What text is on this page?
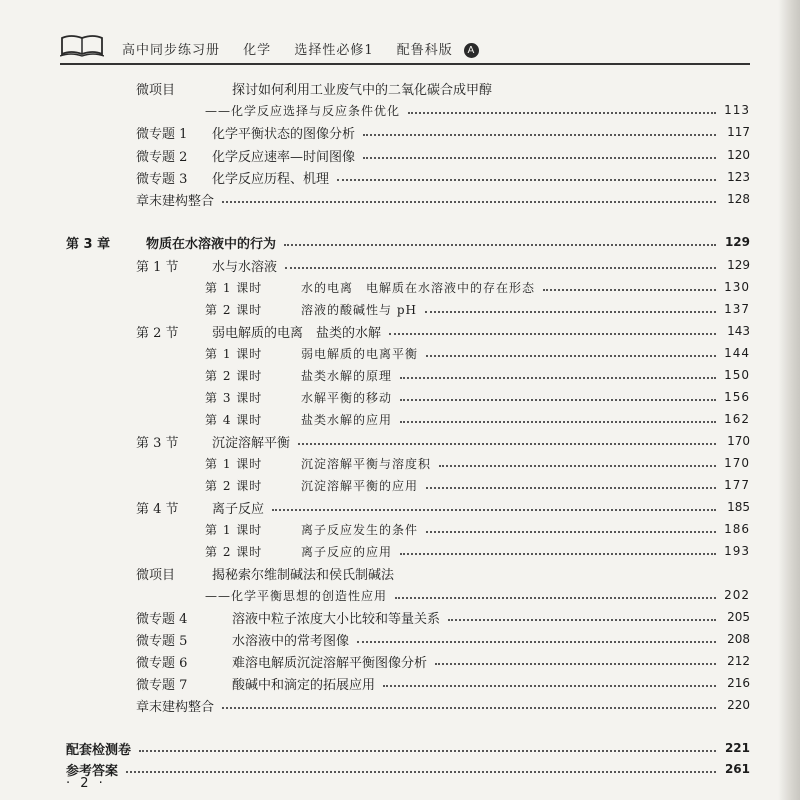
高中同步练习册 化学 选择性必修1 配鲁科版 A
微项目	探讨如何利用工业废气中的二氧化碳合成甲醇
——化学反应选择与反应条件优化	113
微专题 1	化学平衡状态的图像分析	117
微专题 2	化学反应速率—时间图像	120
微专题 3	化学反应历程、机理	123
章末建构整合	128
第 3 章	物质在水溶液中的行为	129
第 1 节	水与水溶液	129
第 1 课时	水的电离　电解质在水溶液中的存在形态	130
第 2 课时	溶液的酸碱性与 pH	137
第 2 节	弱电解质的电离　盐类的水解	143
第 1 课时	弱电解质的电离平衡	144
第 2 课时	盐类水解的原理	150
第 3 课时	水解平衡的移动	156
第 4 课时	盐类水解的应用	162
第 3 节	沉淀溶解平衡	170
第 1 课时	沉淀溶解平衡与溶度积	170
第 2 课时	沉淀溶解平衡的应用	177
第 4 节	离子反应	185
第 1 课时	离子反应发生的条件	186
第 2 课时	离子反应的应用	193
微项目	揭秘索尔维制碱法和侯氏制碱法
——化学平衡思想的创造性应用	202
微专题 4	溶液中粒子浓度大小比较和等量关系	205
微专题 5	水溶液中的常考图像	208
微专题 6	难溶电解质沉淀溶解平衡图像分析	212
微专题 7	酸碱中和滴定的拓展应用	216
章末建构整合	220
配套检测卷	221
参考答案	261
· 2 ·
